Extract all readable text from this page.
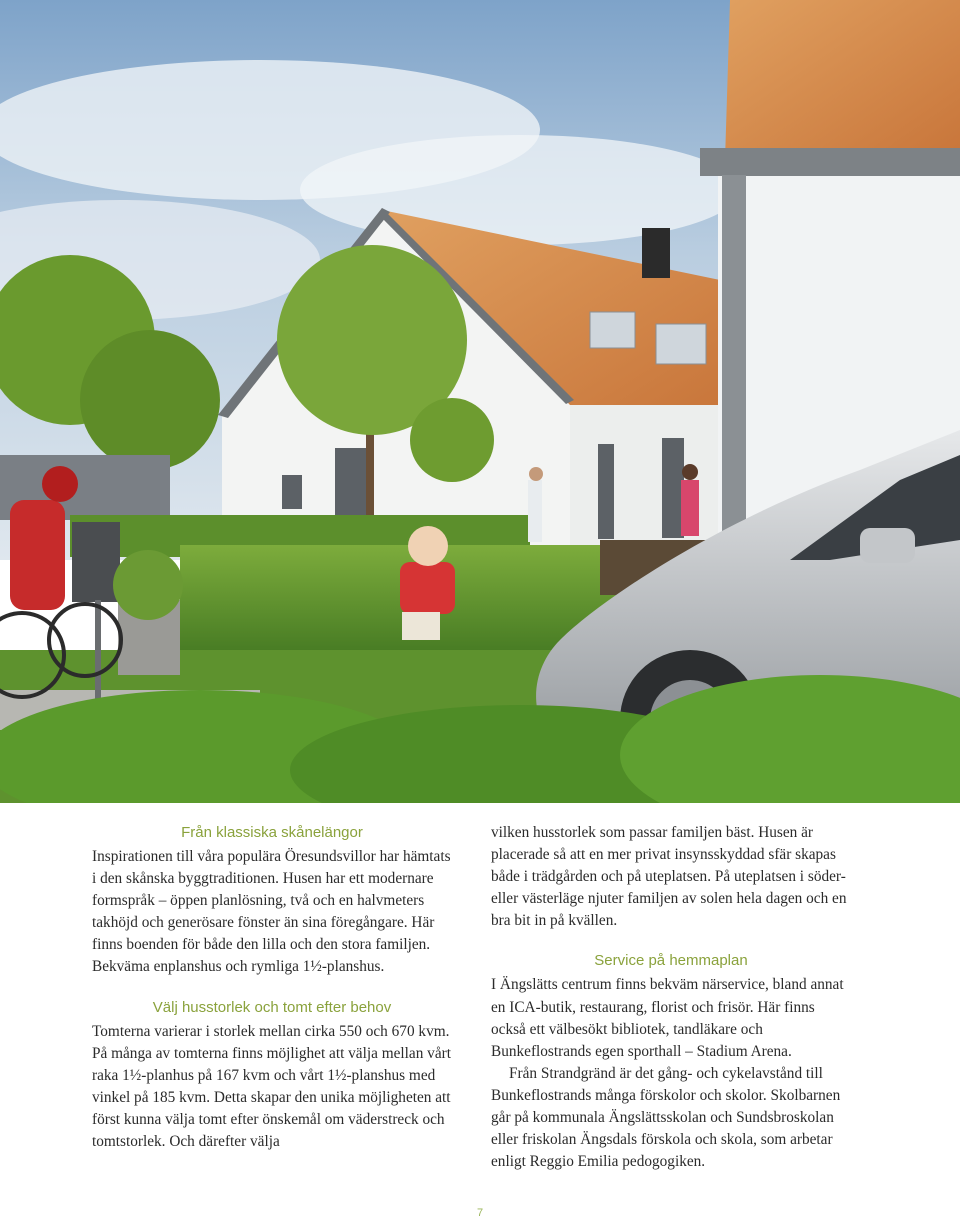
Från klassiska skånelängor

Inspirationen till våra populära Öresundsvillor har hämtats i den skånska byggtraditionen. Husen har ett modernare formspråk – öppen planlösning, två och en halvmeters takhöjd och generösare fönster än sina föregångare. Här finns boenden för både den lilla och den stora familjen. Bekväma enplanshus och rymliga 1½-planshus.

Välj husstorlek och tomt efter behov

Tomterna varierar i storlek mellan cirka 550 och 670 kvm. På många av tomterna finns möjlighet att välja mellan vårt raka 1½-planhus på 167 kvm och vårt 1½-planshus med vinkel på 185 kvm. Detta skapar den unika möjligheten att först kunna välja tomt efter önskemål om väderstreck och tomtstorlek. Och därefter välja

vilken husstorlek som passar familjen bäst. Husen är placerade så att en mer privat insynsskyddad sfär skapas både i trädgården och på uteplatsen. På uteplatsen i söder- eller västerläge njuter familjen av solen hela dagen och en bra bit in på kvällen.

Service på hemmaplan

I Ängslätts centrum finns bekväm närservice, bland annat en ICA-butik, restaurang, florist och frisör. Här finns också ett välbesökt bibliotek, tandläkare och Bunkeflostrands egen sporthall – Stadium Arena.

Från Strandgränd är det gång- och cykelavstånd till Bunkeflostrands många förskolor och skolor. Skolbarnen går på kommunala Ängslättsskolan och Sundsbroskolan eller friskolan Ängsdals förskola och skola, som arbetar enligt Reggio Emilia pedogogiken.

7
